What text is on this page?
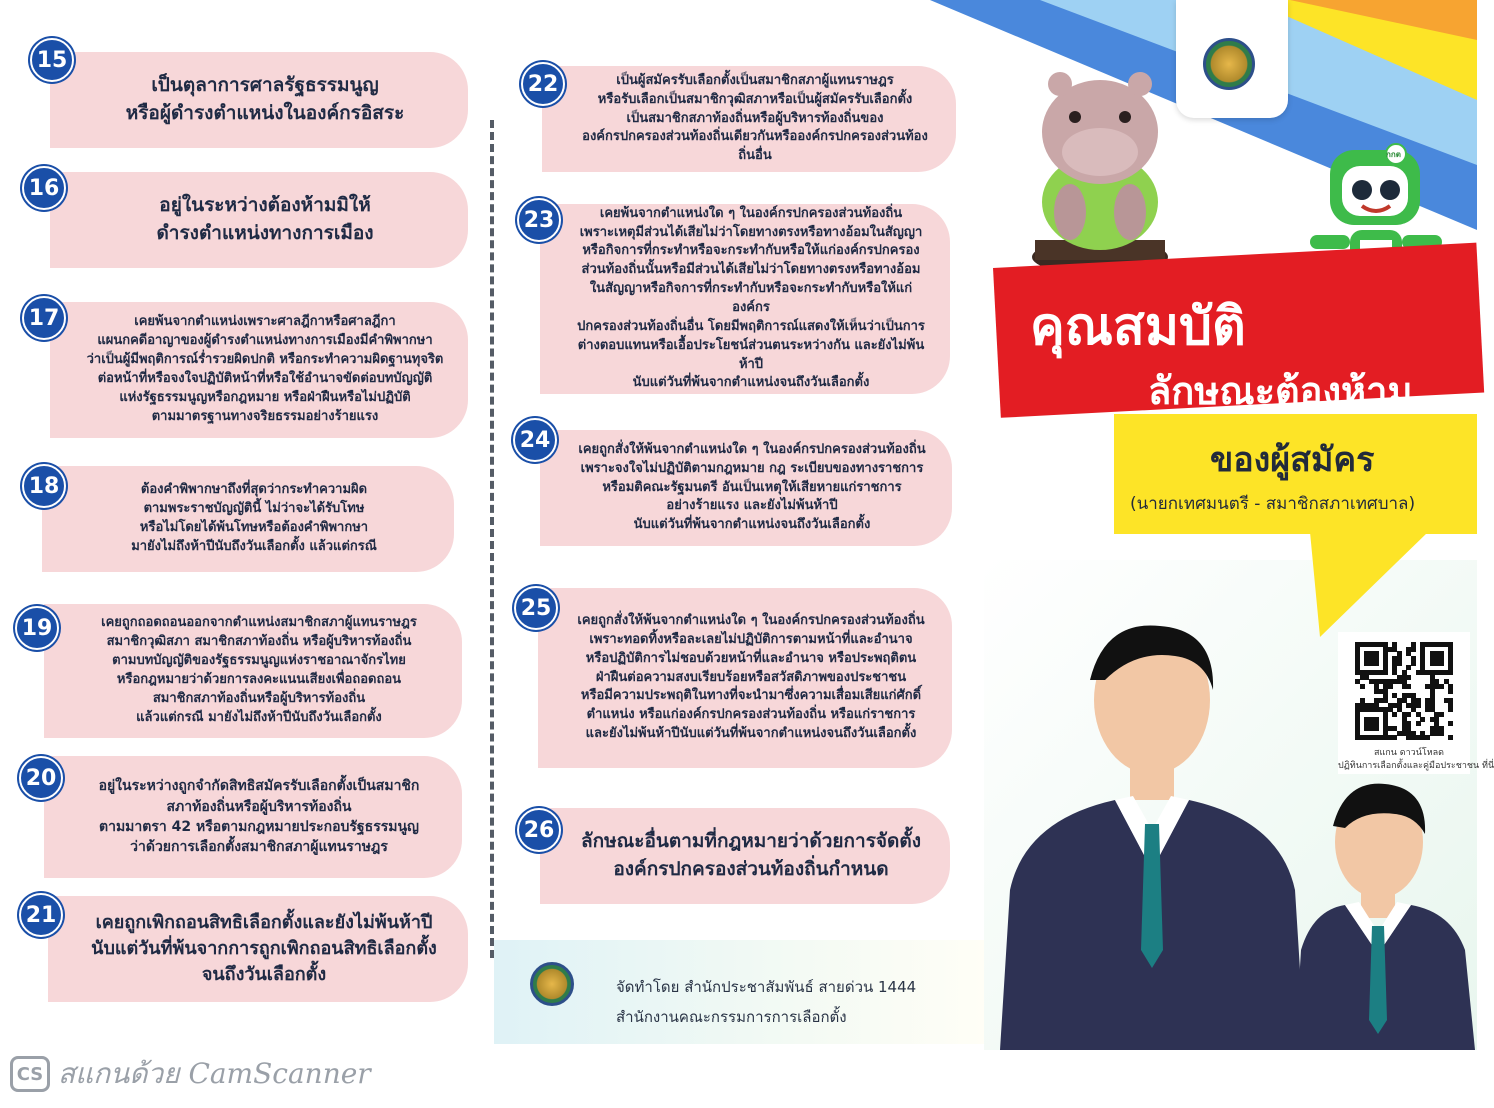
เป็นตุลาการศาลรัฐธรรมนูญ
หรือผู้ดำรงตำแหน่งในองค์กรอิสระ
15
อยู่ในระหว่างต้องห้ามมิให้
ดำรงตำแหน่งทางการเมือง
16
เคยพ้นจากตำแหน่งเพราะศาลฎีกาหรือศาลฎีกา
แผนกคดีอาญาของผู้ดำรงตำแหน่งทางการเมืองมีคำพิพากษา
ว่าเป็นผู้มีพฤติการณ์ร่ำรวยผิดปกติ หรือกระทำความผิดฐานทุจริต
ต่อหน้าที่หรือจงใจปฏิบัติหน้าที่หรือใช้อำนาจขัดต่อบทบัญญัติ
แห่งรัฐธรรมนูญหรือกฎหมาย หรือฝ่าฝืนหรือไม่ปฏิบัติ
ตามมาตรฐานทางจริยธรรมอย่างร้ายแรง
17
ต้องคำพิพากษาถึงที่สุดว่ากระทำความผิด
ตามพระราชบัญญัตินี้ ไม่ว่าจะได้รับโทษ
หรือไม่โดยได้พ้นโทษหรือต้องคำพิพากษา
มายังไม่ถึงห้าปีนับถึงวันเลือกตั้ง แล้วแต่กรณี
18
เคยถูกถอดถอนออกจากตำแหน่งสมาชิกสภาผู้แทนราษฎร
สมาชิกวุฒิสภา สมาชิกสภาท้องถิ่น หรือผู้บริหารท้องถิ่น
ตามบทบัญญัติของรัฐธรรมนูญแห่งราชอาณาจักรไทย
หรือกฎหมายว่าด้วยการลงคะแนนเสียงเพื่อถอดถอน
สมาชิกสภาท้องถิ่นหรือผู้บริหารท้องถิ่น
แล้วแต่กรณี มายังไม่ถึงห้าปีนับถึงวันเลือกตั้ง
19
อยู่ในระหว่างถูกจำกัดสิทธิสมัครรับเลือกตั้งเป็นสมาชิก
สภาท้องถิ่นหรือผู้บริหารท้องถิ่น
ตามมาตรา 42 หรือตามกฎหมายประกอบรัฐธรรมนูญ
ว่าด้วยการเลือกตั้งสมาชิกสภาผู้แทนราษฎร
20
เคยถูกเพิกถอนสิทธิเลือกตั้งและยังไม่พ้นห้าปี
นับแต่วันที่พ้นจากการถูกเพิกถอนสิทธิเลือกตั้ง
จนถึงวันเลือกตั้ง
21
เป็นผู้สมัครรับเลือกตั้งเป็นสมาชิกสภาผู้แทนราษฎร
หรือรับเลือกเป็นสมาชิกวุฒิสภาหรือเป็นผู้สมัครรับเลือกตั้ง
เป็นสมาชิกสภาท้องถิ่นหรือผู้บริหารท้องถิ่นของ
องค์กรปกครองส่วนท้องถิ่นเดียวกันหรือองค์กรปกครองส่วนท้องถิ่นอื่น
22
เคยพ้นจากตำแหน่งใด ๆ ในองค์กรปกครองส่วนท้องถิ่น
เพราะเหตุมีส่วนได้เสียไม่ว่าโดยทางตรงหรือทางอ้อมในสัญญา
หรือกิจการที่กระทำหรือจะกระทำกับหรือให้แก่องค์กรปกครอง
ส่วนท้องถิ่นนั้นหรือมีส่วนได้เสียไม่ว่าโดยทางตรงหรือทางอ้อม
ในสัญญาหรือกิจการที่กระทำกับหรือจะกระทำกับหรือให้แก่องค์กร
ปกครองส่วนท้องถิ่นอื่น โดยมีพฤติการณ์แสดงให้เห็นว่าเป็นการ
ต่างตอบแทนหรือเอื้อประโยชน์ส่วนตนระหว่างกัน และยังไม่พ้นห้าปี
นับแต่วันที่พ้นจากตำแหน่งจนถึงวันเลือกตั้ง
23
เคยถูกสั่งให้พ้นจากตำแหน่งใด ๆ ในองค์กรปกครองส่วนท้องถิ่น
เพราะจงใจไม่ปฏิบัติตามกฎหมาย กฎ ระเบียบของทางราชการ
หรือมติคณะรัฐมนตรี อันเป็นเหตุให้เสียหายแก่ราชการ
อย่างร้ายแรง และยังไม่พ้นห้าปี
นับแต่วันที่พ้นจากตำแหน่งจนถึงวันเลือกตั้ง
24
เคยถูกสั่งให้พ้นจากตำแหน่งใด ๆ ในองค์กรปกครองส่วนท้องถิ่น
เพราะทอดทิ้งหรือละเลยไม่ปฏิบัติการตามหน้าที่และอำนาจ
หรือปฏิบัติการไม่ชอบด้วยหน้าที่และอำนาจ หรือประพฤติตน
ฝ่าฝืนต่อความสงบเรียบร้อยหรือสวัสดิภาพของประชาชน
หรือมีความประพฤติในทางที่จะนำมาซึ่งความเสื่อมเสียแก่ศักดิ์
ตำแหน่ง หรือแก่องค์กรปกครองส่วนท้องถิ่น หรือแก่ราชการ
และยังไม่พ้นห้าปีนับแต่วันที่พ้นจากตำแหน่งจนถึงวันเลือกตั้ง
25
ลักษณะอื่นตามที่กฎหมายว่าด้วยการจัดตั้ง
องค์กรปกครองส่วนท้องถิ่นกำหนด
26
กกต
คุณสมบัติ
ลักษณะต้องห้าม
ของผู้สมัคร
(นายกเทศมนตรี - สมาชิกสภาเทศบาล)
สแกน ดาวน์โหลด
ปฏิทินการเลือกตั้งและคู่มือประชาชน ที่นี่
จัดทำโดย สำนักประชาสัมพันธ์ สายด่วน 1444
สำนักงานคณะกรรมการการเลือกตั้ง
CS สแกนด้วย CamScanner
